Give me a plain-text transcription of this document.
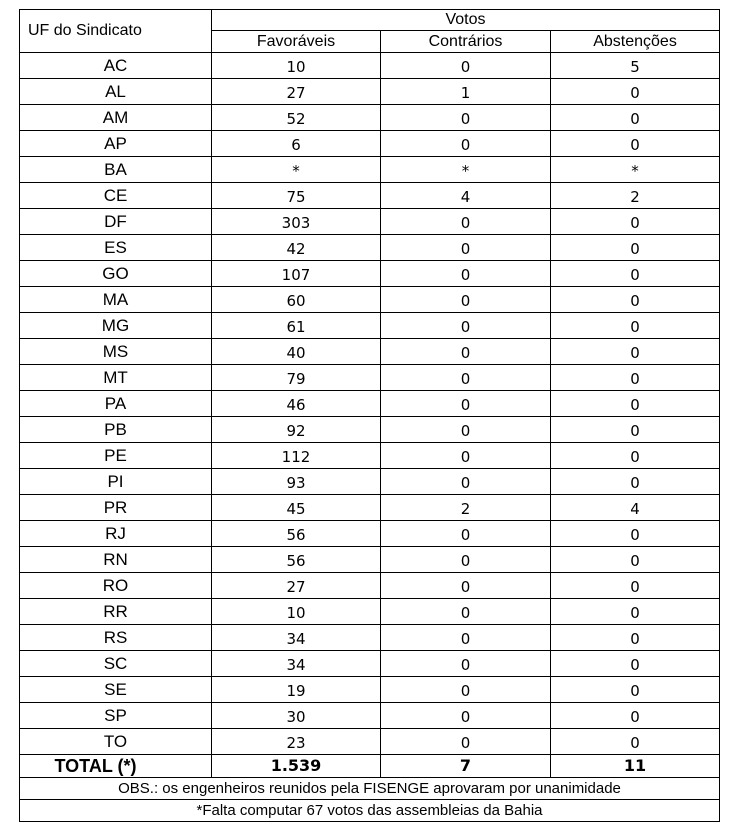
UF do Sindicato	Votos		
	Favoráveis	Contrários	Abstenções
AC	10	0	5
AL	27	1	0
AM	52	0	0
AP	6	0	0
BA	*	*	*
CE	75	4	2
DF	303	0	0
ES	42	0	0
GO	107	0	0
MA	60	0	0
MG	61	0	0
MS	40	0	0
MT	79	0	0
PA	46	0	0
PB	92	0	0
PE	112	0	0
PI	93	0	0
PR	45	2	4
RJ	56	0	0
RN	56	0	0
RO	27	0	0
RR	10	0	0
RS	34	0	0
SC	34	0	0
SE	19	0	0
SP	30	0	0
TO	23	0	0
TOTAL (*)	1.539	7	11
OBS.: os engenheiros reunidos pela FISENGE aprovaram por unanimidade			
*Falta computar 67 votos das assembleias da Bahia			
